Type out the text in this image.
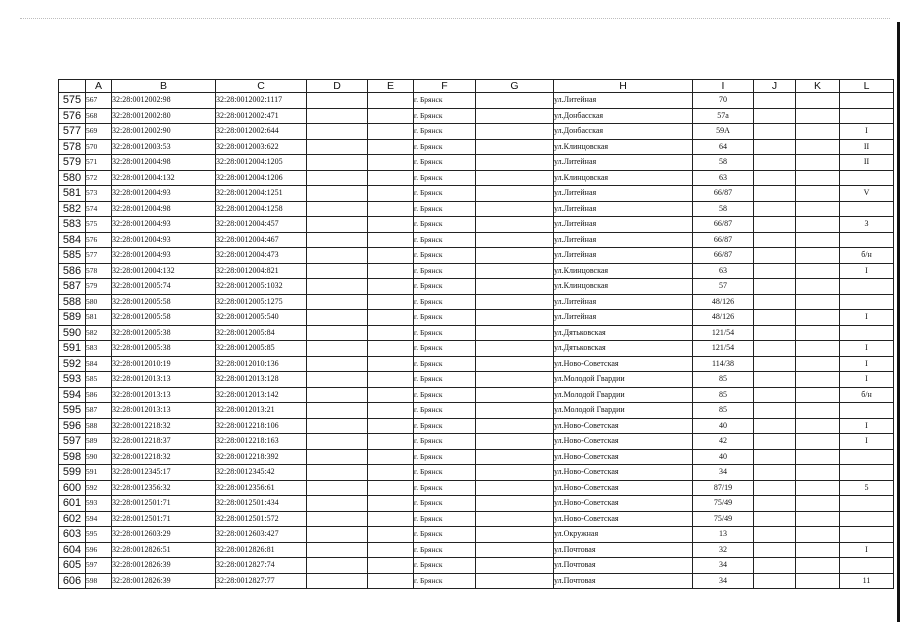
	A	B	C	D	E	F	G	H	I	J	K	L
575	567	32:28:0012002:98	32:28:0012002:1117			г. Брянск		ул.Литейная	70			
576	568	32:28:0012002:80	32:28:0012002:471			г. Брянск		ул.Донбасская	57а			
577	569	32:28:0012002:90	32:28:0012002:644			г. Брянск		ул.Донбасская	59А			I
578	570	32:28:0012003:53	32:28:0012003:622			г. Брянск		ул.Клинцовская	64			II
579	571	32:28:0012004:98	32:28:0012004:1205			г. Брянск		ул.Литейная	58			II
580	572	32:28:0012004:132	32:28:0012004:1206			г. Брянск		ул.Клинцовская	63			
581	573	32:28:0012004:93	32:28:0012004:1251			г. Брянск		ул.Литейная	66/87			V
582	574	32:28:0012004:98	32:28:0012004:1258			г. Брянск		ул.Литейная	58			
583	575	32:28:0012004:93	32:28:0012004:457			г. Брянск		ул.Литейная	66/87			3
584	576	32:28:0012004:93	32:28:0012004:467			г. Брянск		ул.Литейная	66/87			
585	577	32:28:0012004:93	32:28:0012004:473			г. Брянск		ул.Литейная	66/87			б/н
586	578	32:28:0012004:132	32:28:0012004:821			г. Брянск		ул.Клинцовская	63			I
587	579	32:28:0012005:74	32:28:0012005:1032			г. Брянск		ул.Клинцовская	57			
588	580	32:28:0012005:58	32:28:0012005:1275			г. Брянск		ул.Литейная	48/126			
589	581	32:28:0012005:58	32:28:0012005:540			г. Брянск		ул.Литейная	48/126			I
590	582	32:28:0012005:38	32:28:0012005:84			г. Брянск		ул.Дятьковская	121/54			
591	583	32:28:0012005:38	32:28:0012005:85			г. Брянск		ул.Дятьковская	121/54			I
592	584	32:28:0012010:19	32:28:0012010:136			г. Брянск		ул.Ново-Советская	114/38			I
593	585	32:28:0012013:13	32:28:0012013:128			г. Брянск		ул.Молодой Гвардии	85			I
594	586	32:28:0012013:13	32:28:0012013:142			г. Брянск		ул.Молодой Гвардии	85			б/н
595	587	32:28:0012013:13	32:28:0012013:21			г. Брянск		ул.Молодой Гвардии	85			
596	588	32:28:0012218:32	32:28:0012218:106			г. Брянск		ул.Ново-Советская	40			I
597	589	32:28:0012218:37	32:28:0012218:163			г. Брянск		ул.Ново-Советская	42			I
598	590	32:28:0012218:32	32:28:0012218:392			г. Брянск		ул.Ново-Советская	40			
599	591	32:28:0012345:17	32:28:0012345:42			г. Брянск		ул.Ново-Советская	34			
600	592	32:28:0012356:32	32:28:0012356:61			г. Брянск		ул.Ново-Советская	87/19			5
601	593	32:28:0012501:71	32:28:0012501:434			г. Брянск		ул.Ново-Советская	75/49			
602	594	32:28:0012501:71	32:28:0012501:572			г. Брянск		ул.Ново-Советская	75/49			
603	595	32:28:0012603:29	32:28:0012603:427			г. Брянск		ул.Окружная	13			
604	596	32:28:0012826:51	32:28:0012826:81			г. Брянск		ул.Почтовая	32			I
605	597	32:28:0012826:39	32:28:0012827:74			г. Брянск		ул.Почтовая	34			
606	598	32:28:0012826:39	32:28:0012827:77			г. Брянск		ул.Почтовая	34			11
